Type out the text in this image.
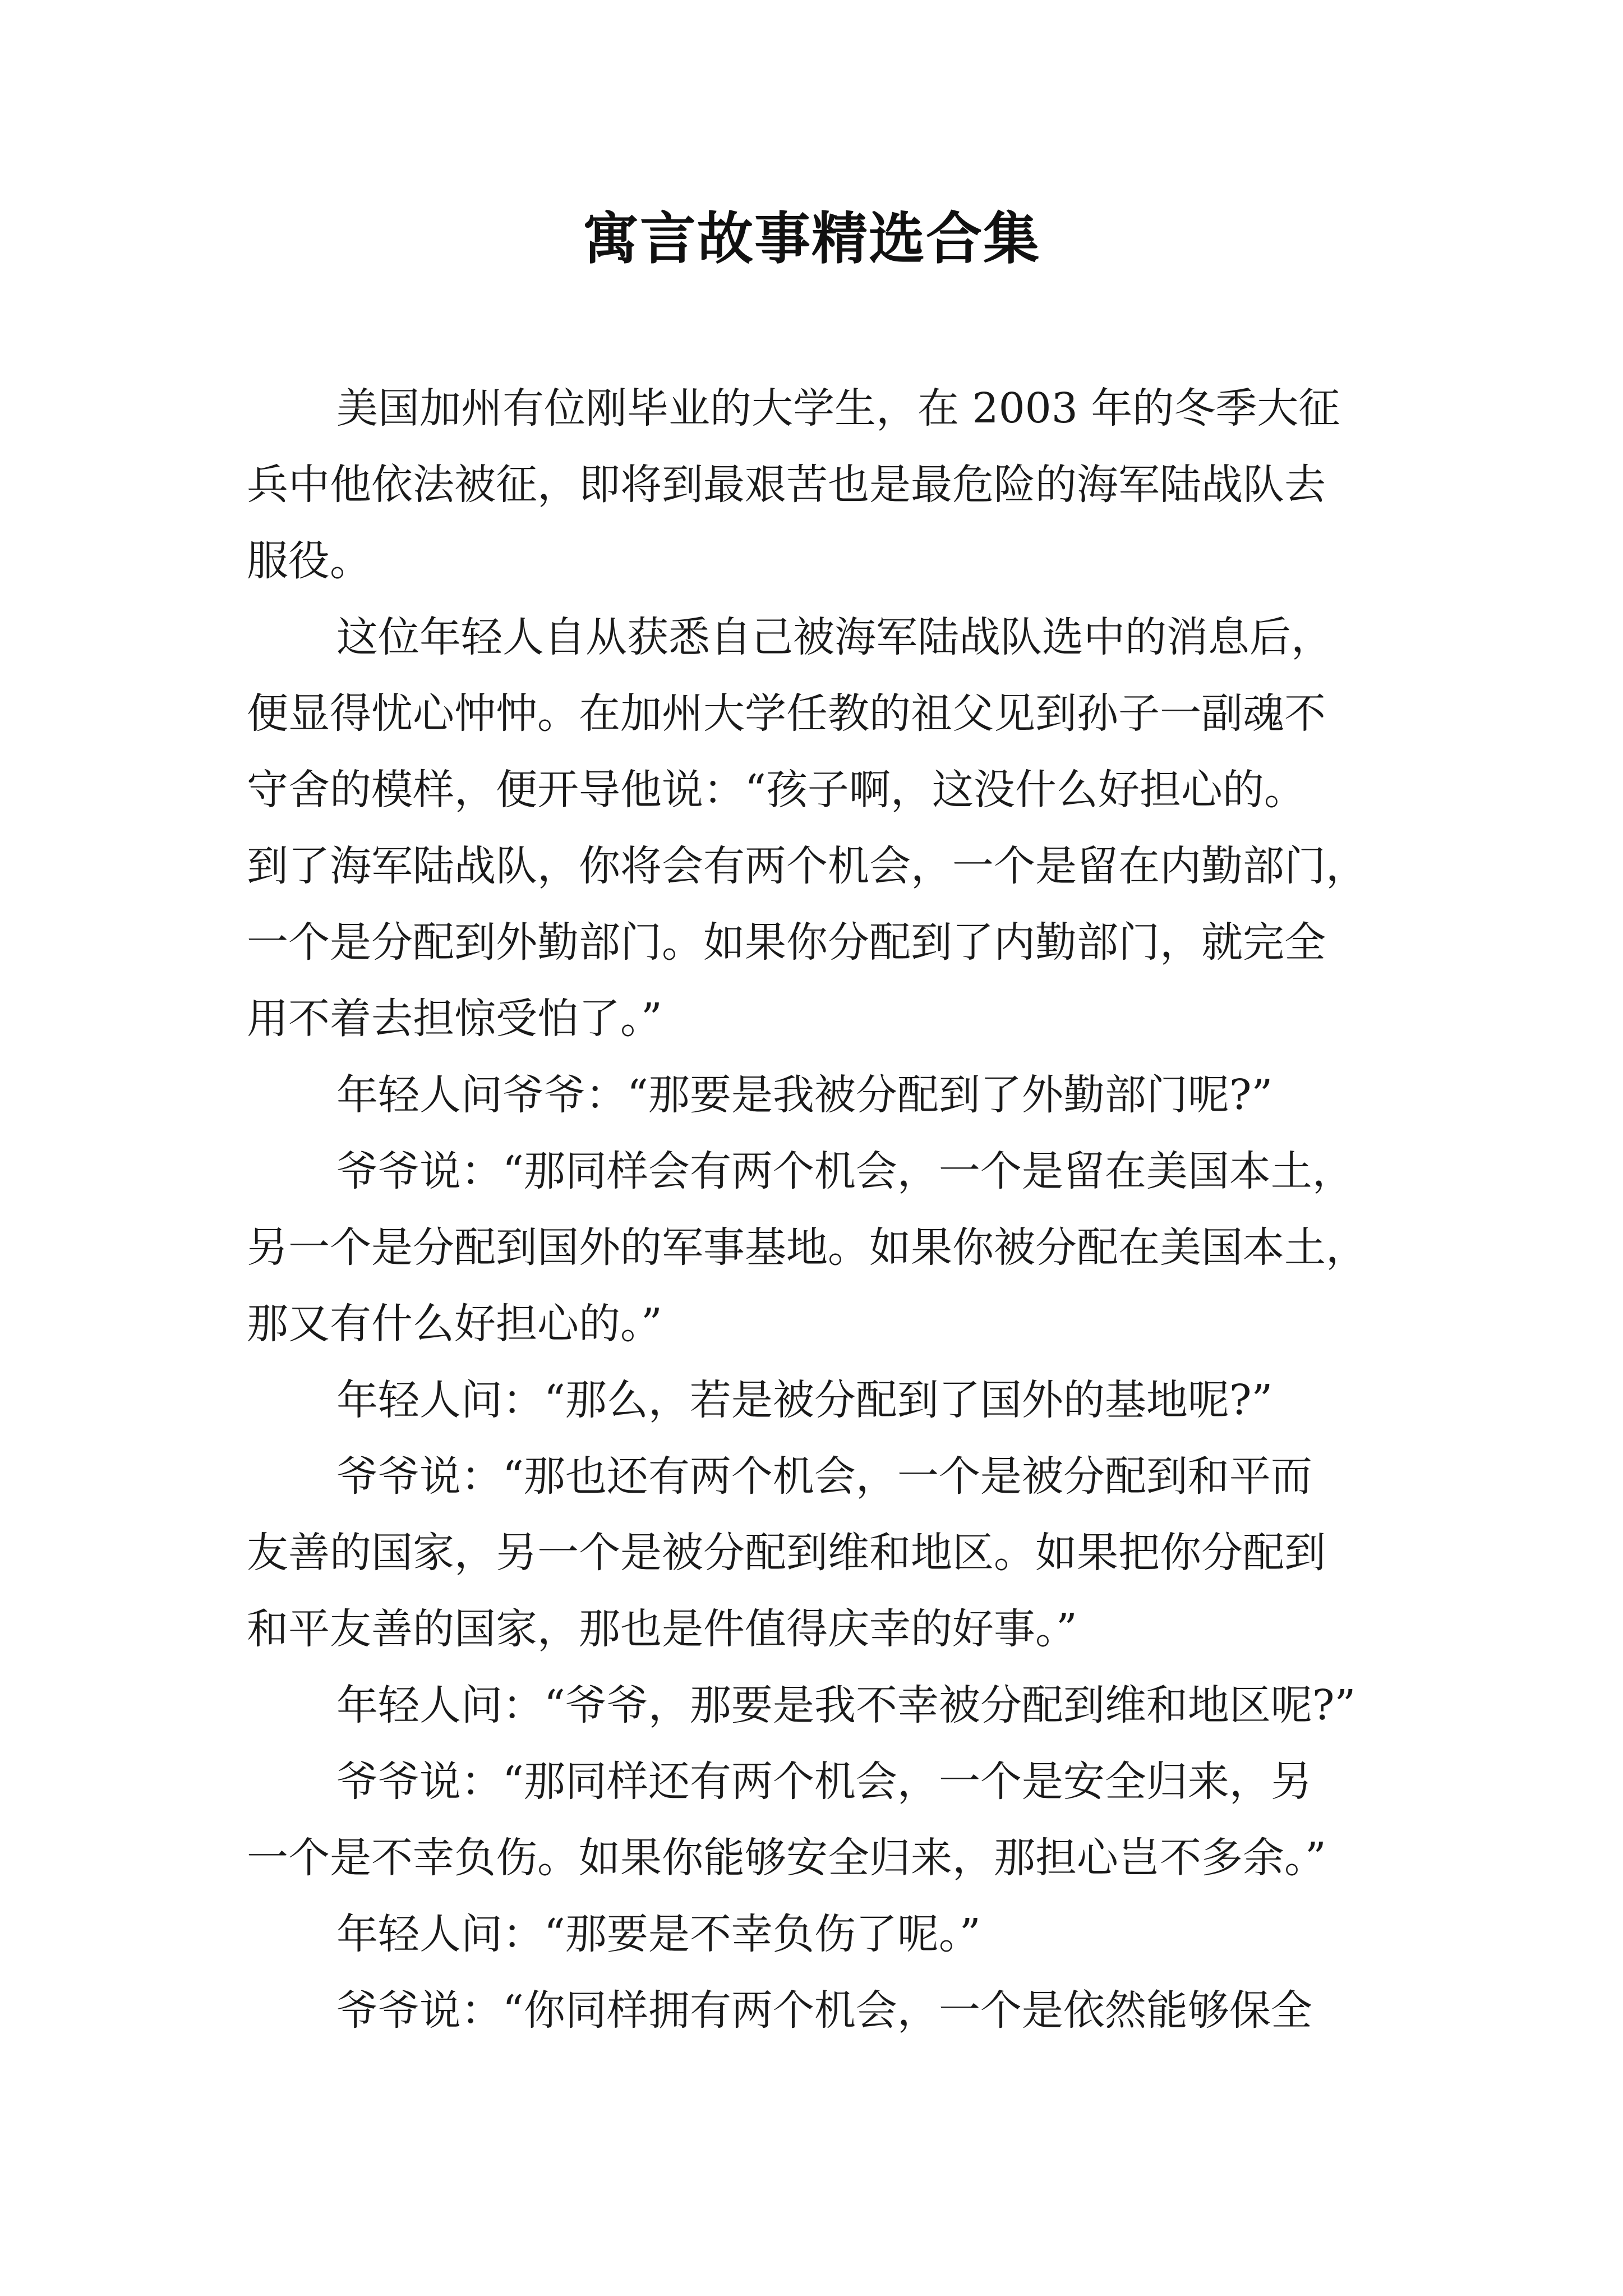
寓言故事精选合集
美国加州有位刚毕业的大学生，在 2003 年的冬季大征
兵中他依法被征，即将到最艰苦也是最危险的海军陆战队去
服役。
这位年轻人自从获悉自己被海军陆战队选中的消息后，
便显得忧心忡忡。在加州大学任教的祖父见到孙子一副魂不
守舍的模样，便开导他说：“孩子啊，这没什么好担心的。
到了海军陆战队，你将会有两个机会，一个是留在内勤部门，
一个是分配到外勤部门。如果你分配到了内勤部门，就完全
用不着去担惊受怕了。”
年轻人问爷爷：“那要是我被分配到了外勤部门呢?”
爷爷说：“那同样会有两个机会，一个是留在美国本土，
另一个是分配到国外的军事基地。如果你被分配在美国本土，
那又有什么好担心的。”
年轻人问：“那么，若是被分配到了国外的基地呢?”
爷爷说：“那也还有两个机会，一个是被分配到和平而
友善的国家，另一个是被分配到维和地区。如果把你分配到
和平友善的国家，那也是件值得庆幸的好事。”
年轻人问：“爷爷，那要是我不幸被分配到维和地区呢?”
爷爷说：“那同样还有两个机会，一个是安全归来，另
一个是不幸负伤。如果你能够安全归来，那担心岂不多余。”
年轻人问：“那要是不幸负伤了呢。”
爷爷说：“你同样拥有两个机会，一个是依然能够保全
